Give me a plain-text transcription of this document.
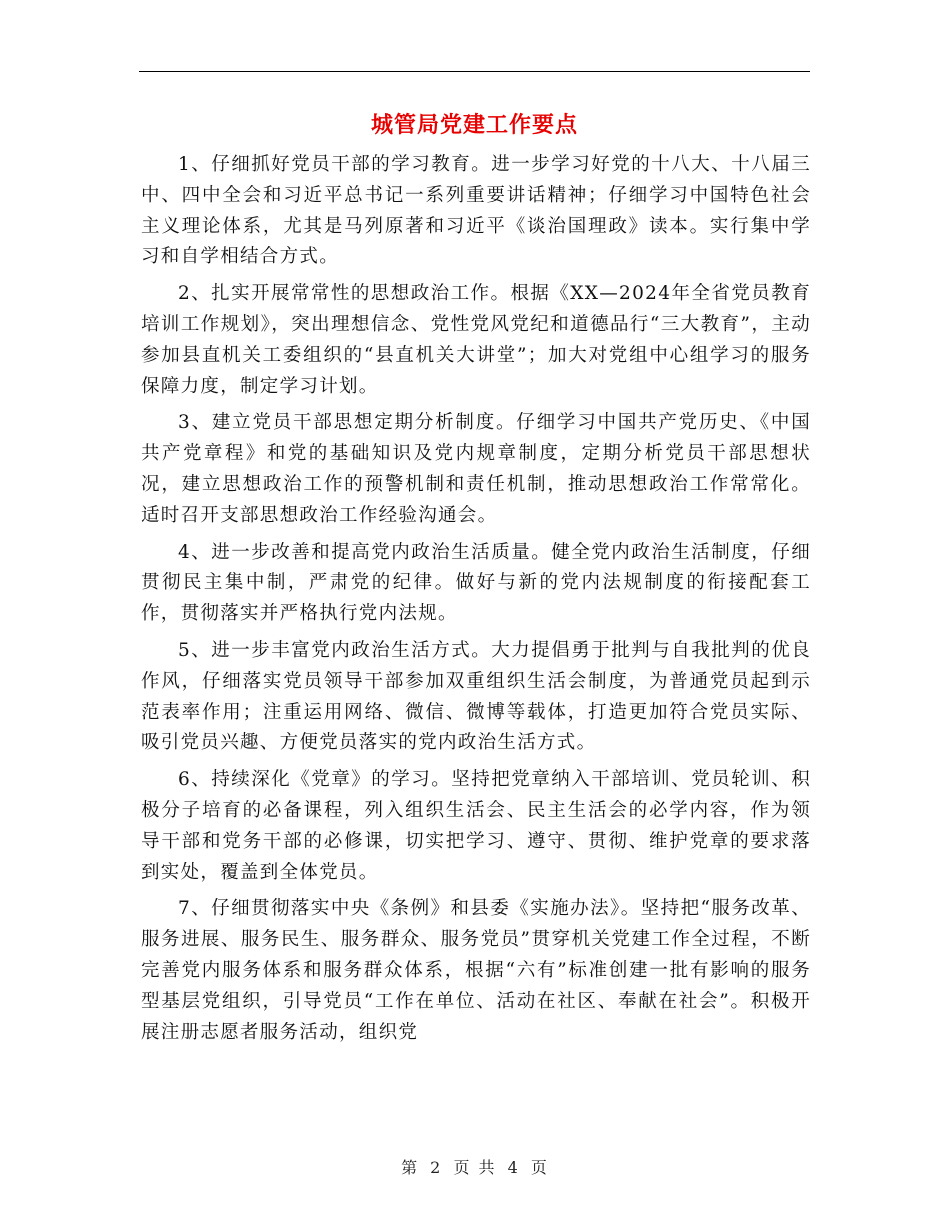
城管局党建工作要点

1、仔细抓好党员干部的学习教育。进一步学习好党的十八大、十八届三中、四中全会和习近平总书记一系列重要讲话精神；仔细学习中国特色社会主义理论体系，尤其是马列原著和习近平《谈治国理政》读本。实行集中学习和自学相结合方式。

2、扎实开展常常性的思想政治工作。根据《XX—2024年全省党员教育培训工作规划》，突出理想信念、党性党风党纪和道德品行“三大教育”，主动参加县直机关工委组织的“县直机关大讲堂”；加大对党组中心组学习的服务保障力度，制定学习计划。

3、建立党员干部思想定期分析制度。仔细学习中国共产党历史、《中国共产党章程》和党的基础知识及党内规章制度，定期分析党员干部思想状况，建立思想政治工作的预警机制和责任机制，推动思想政治工作常常化。适时召开支部思想政治工作经验沟通会。

4、进一步改善和提高党内政治生活质量。健全党内政治生活制度，仔细贯彻民主集中制，严肃党的纪律。做好与新的党内法规制度的衔接配套工作，贯彻落实并严格执行党内法规。

5、进一步丰富党内政治生活方式。大力提倡勇于批判与自我批判的优良作风，仔细落实党员领导干部参加双重组织生活会制度，为普通党员起到示范表率作用；注重运用网络、微信、微博等载体，打造更加符合党员实际、吸引党员兴趣、方便党员落实的党内政治生活方式。

6、持续深化《党章》的学习。坚持把党章纳入干部培训、党员轮训、积极分子培育的必备课程，列入组织生活会、民主生活会的必学内容，作为领导干部和党务干部的必修课，切实把学习、遵守、贯彻、维护党章的要求落到实处，覆盖到全体党员。

7、仔细贯彻落实中央《条例》和县委《实施办法》。坚持把“服务改革、服务进展、服务民生、服务群众、服务党员”贯穿机关党建工作全过程，不断完善党内服务体系和服务群众体系，根据“六有”标准创建一批有影响的服务型基层党组织，引导党员“工作在单位、活动在社区、奉献在社会”。积极开展注册志愿者服务活动，组织党

第 2 页 共 4 页
